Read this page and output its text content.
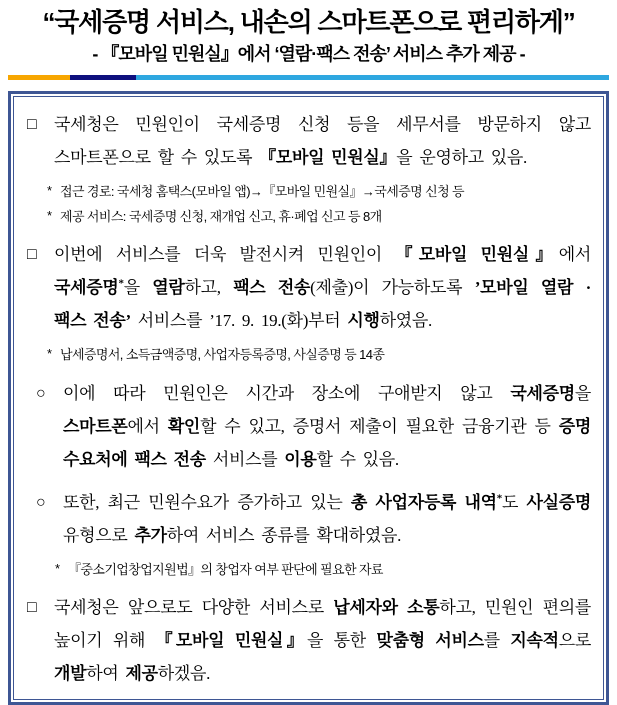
“국세증명 서비스, 내손의 스마트폰으로 편리하게”
- 『모바일 민원실』에서 ‘열람·팩스 전송’ 서비스 추가 제공 -
□ 국세청은 민원인이 국세증명 신청 등을 세무서를 방문하지 않고 스마트폰으로 할 수 있도록 『모바일 민원실』을 운영하고 있음.
* 접근 경로: 국세청 홈택스(모바일 앱)→『모바일 민원실』→국세증명 신청 등
* 제공 서비스: 국세증명 신청, 재개업 신고, 휴·폐업 신고 등 8개
□ 이번에 서비스를 더욱 발전시켜 민원인이 『모바일 민원실』에서 국세증명*을 열람하고, 팩스 전송(제출)이 가능하도록 ’모바일 열람 · 팩스 전송’ 서비스를 ’17. 9. 19.(화)부터 시행하였음.
* 납세증명서, 소득금액증명, 사업자등록증명, 사실증명 등 14종
○ 이에 따라 민원인은 시간과 장소에 구애받지 않고 국세증명을 스마트폰에서 확인할 수 있고, 증명서 제출이 필요한 금융기관 등 증명 수요처에 팩스 전송 서비스를 이용할 수 있음.
○ 또한, 최근 민원수요가 증가하고 있는 총 사업자등록 내역*도 사실증명 유형으로 추가하여 서비스 종류를 확대하였음.
* 『중소기업창업지원법』의 창업자 여부 판단에 필요한 자료
□ 국세청은 앞으로도 다양한 서비스로 납세자와 소통하고, 민원인 편의를 높이기 위해 『모바일 민원실』을 통한 맞춤형 서비스를 지속적으로 개발하여 제공하겠음.
